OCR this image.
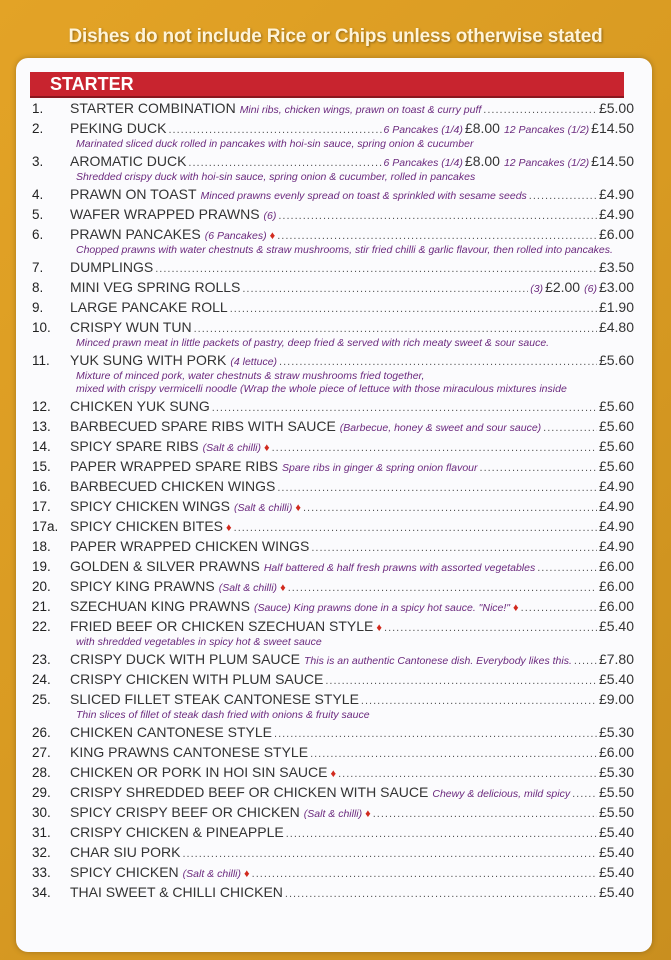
Dishes do not include Rice or Chips unless otherwise stated
STARTER
1.	STARTER COMBINATION Mini ribs, chicken wings, prawn on toast & curry puff .....	£5.00
2.	PEKING DUCK .....	6 Pancakes (1/4) £8.00 12 Pancakes (1/2) £14.50
Marinated sliced duck rolled in pancakes with hoi-sin sauce, spring onion & cucumber
3.	AROMATIC DUCK .....	6 Pancakes (1/4) £8.00 12 Pancakes (1/2) £14.50
Shredded crispy duck with hoi-sin sauce, spring onion & cucumber, rolled in pancakes
4.	PRAWN ON TOAST Minced prawns evenly spread on toast & sprinkled with sesame seeds .....	£4.90
5.	WAFER WRAPPED PRAWNS (6) .....	£4.90
6.	PRAWN PANCAKES (6 Pancakes) ♦ .....	£6.00
Chopped prawns with water chestnuts & straw mushrooms, stir fried chilli & garlic flavour, then rolled into pancakes.
7.	DUMPLINGS .....	£3.50
8.	MINI VEG SPRING ROLLS .....	(3) £2.00 (6) £3.00
9.	LARGE PANCAKE ROLL .....	£1.90
10.	CRISPY WUN TUN .....	£4.80
Minced prawn meat in little packets of pastry, deep fried & served with rich meaty sweet & sour sauce.
11.	YUK SUNG WITH PORK (4 lettuce) .....	£5.60
Mixture of minced pork, water chestnuts & straw mushrooms fried together,
mixed with crispy vermicelli noodle (Wrap the whole piece of lettuce with those miraculous mixtures inside
12.	CHICKEN YUK SUNG .....	£5.60
13.	BARBECUED SPARE RIBS WITH SAUCE (Barbecue, honey & sweet and sour sauce) .....	£5.60
14.	SPICY SPARE RIBS (Salt & chilli) ♦ .....	£5.60
15.	PAPER WRAPPED SPARE RIBS Spare ribs in ginger & spring onion flavour .....	£5.60
16.	BARBECUED CHICKEN WINGS .....	£4.90
17.	SPICY CHICKEN WINGS (Salt & chilli) ♦ .....	£4.90
17a. SPICY CHICKEN BITES ♦ .....	£4.90
18.	PAPER WRAPPED CHICKEN WINGS .....	£4.90
19.	GOLDEN & SILVER PRAWNS Half battered & half fresh prawns with assorted vegetables .....	£6.00
20.	SPICY KING PRAWNS (Salt & chilli) ♦ .....	£6.00
21.	SZECHUAN KING PRAWNS (Sauce) King prawns done in a spicy hot sauce. "Nice!" ♦ .....	£6.00
22.	FRIED BEEF OR CHICKEN SZECHUAN STYLE ♦ .....	£5.40
with shredded vegetables in spicy hot & sweet sauce
23.	CRISPY DUCK WITH PLUM SAUCE This is an authentic Cantonese dish. Everybody likes this. ..... £7.80
24.	CRISPY CHICKEN WITH PLUM SAUCE .....	£5.40
25.	SLICED FILLET STEAK CANTONESE STYLE .....	£9.00
Thin slices of fillet of steak dash fried with onions & fruity sauce
26.	CHICKEN CANTONESE STYLE .....	£5.30
27.	KING PRAWNS CANTONESE STYLE .....	£6.00
28.	CHICKEN OR PORK IN HOI SIN SAUCE ♦ .....	£5.30
29.	CRISPY SHREDDED BEEF OR CHICKEN WITH SAUCE Chewy & delicious, mild spicy ..... £5.50
30.	SPICY CRISPY BEEF OR CHICKEN (Salt & chilli) ♦ .....	£5.50
31.	CRISPY CHICKEN & PINEAPPLE .....	£5.40
32.	CHAR SIU PORK .....	£5.40
33.	SPICY CHICKEN (Salt & chilli) ♦ .....	£5.40
34.	THAI SWEET & CHILLI CHICKEN .....	£5.40
